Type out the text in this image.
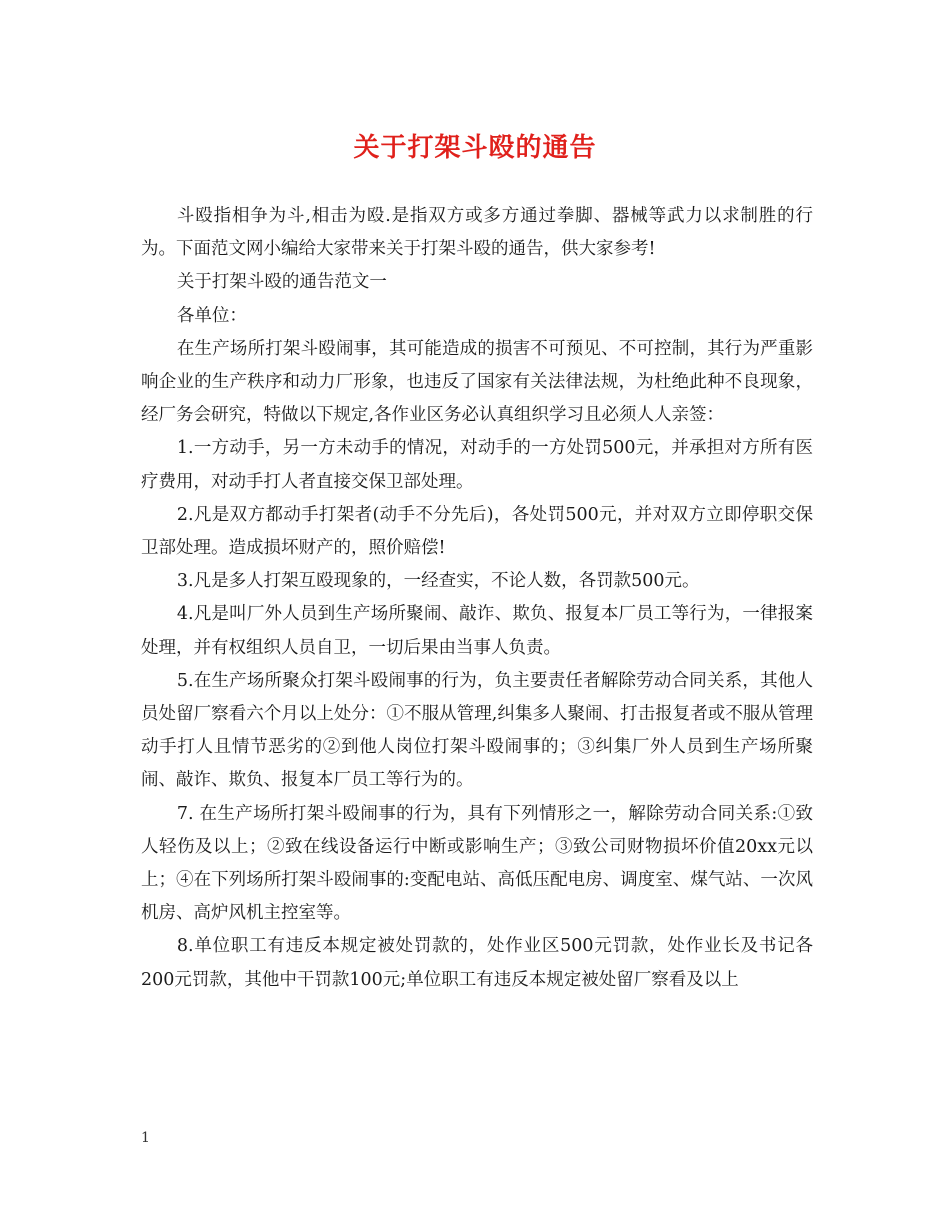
关于打架斗殴的通告

斗殴指相争为斗,相击为殴.是指双方或多方通过拳脚、器械等武力以求制胜的行为。下面范文网小编给大家带来关于打架斗殴的通告，供大家参考!

关于打架斗殴的通告范文一

各单位：

在生产场所打架斗殴闹事，其可能造成的损害不可预见、不可控制，其行为严重影响企业的生产秩序和动力厂形象，也违反了国家有关法律法规，为杜绝此种不良现象，经厂务会研究，特做以下规定,各作业区务必认真组织学习且必须人人亲签：

1.一方动手，另一方未动手的情况，对动手的一方处罚500元，并承担对方所有医疗费用，对动手打人者直接交保卫部处理。

2.凡是双方都动手打架者(动手不分先后)，各处罚500元，并对双方立即停职交保卫部处理。造成损坏财产的，照价赔偿!

3.凡是多人打架互殴现象的，一经查实，不论人数，各罚款500元。

4.凡是叫厂外人员到生产场所聚闹、敲诈、欺负、报复本厂员工等行为，一律报案处理，并有权组织人员自卫，一切后果由当事人负责。

5.在生产场所聚众打架斗殴闹事的行为，负主要责任者解除劳动合同关系，其他人员处留厂察看六个月以上处分：①不服从管理,纠集多人聚闹、打击报复者或不服从管理动手打人且情节恶劣的②到他人岗位打架斗殴闹事的；③纠集厂外人员到生产场所聚闹、敲诈、欺负、报复本厂员工等行为的。

7. 在生产场所打架斗殴闹事的行为，具有下列情形之一，解除劳动合同关系:①致人轻伤及以上；②致在线设备运行中断或影响生产；③致公司财物损坏价值20xx元以上；④在下列场所打架斗殴闹事的:变配电站、高低压配电房、调度室、煤气站、一次风机房、高炉风机主控室等。

8.单位职工有违反本规定被处罚款的，处作业区500元罚款，处作业长及书记各200元罚款，其他中干罚款100元;单位职工有违反本规定被处留厂察看及以上

1
